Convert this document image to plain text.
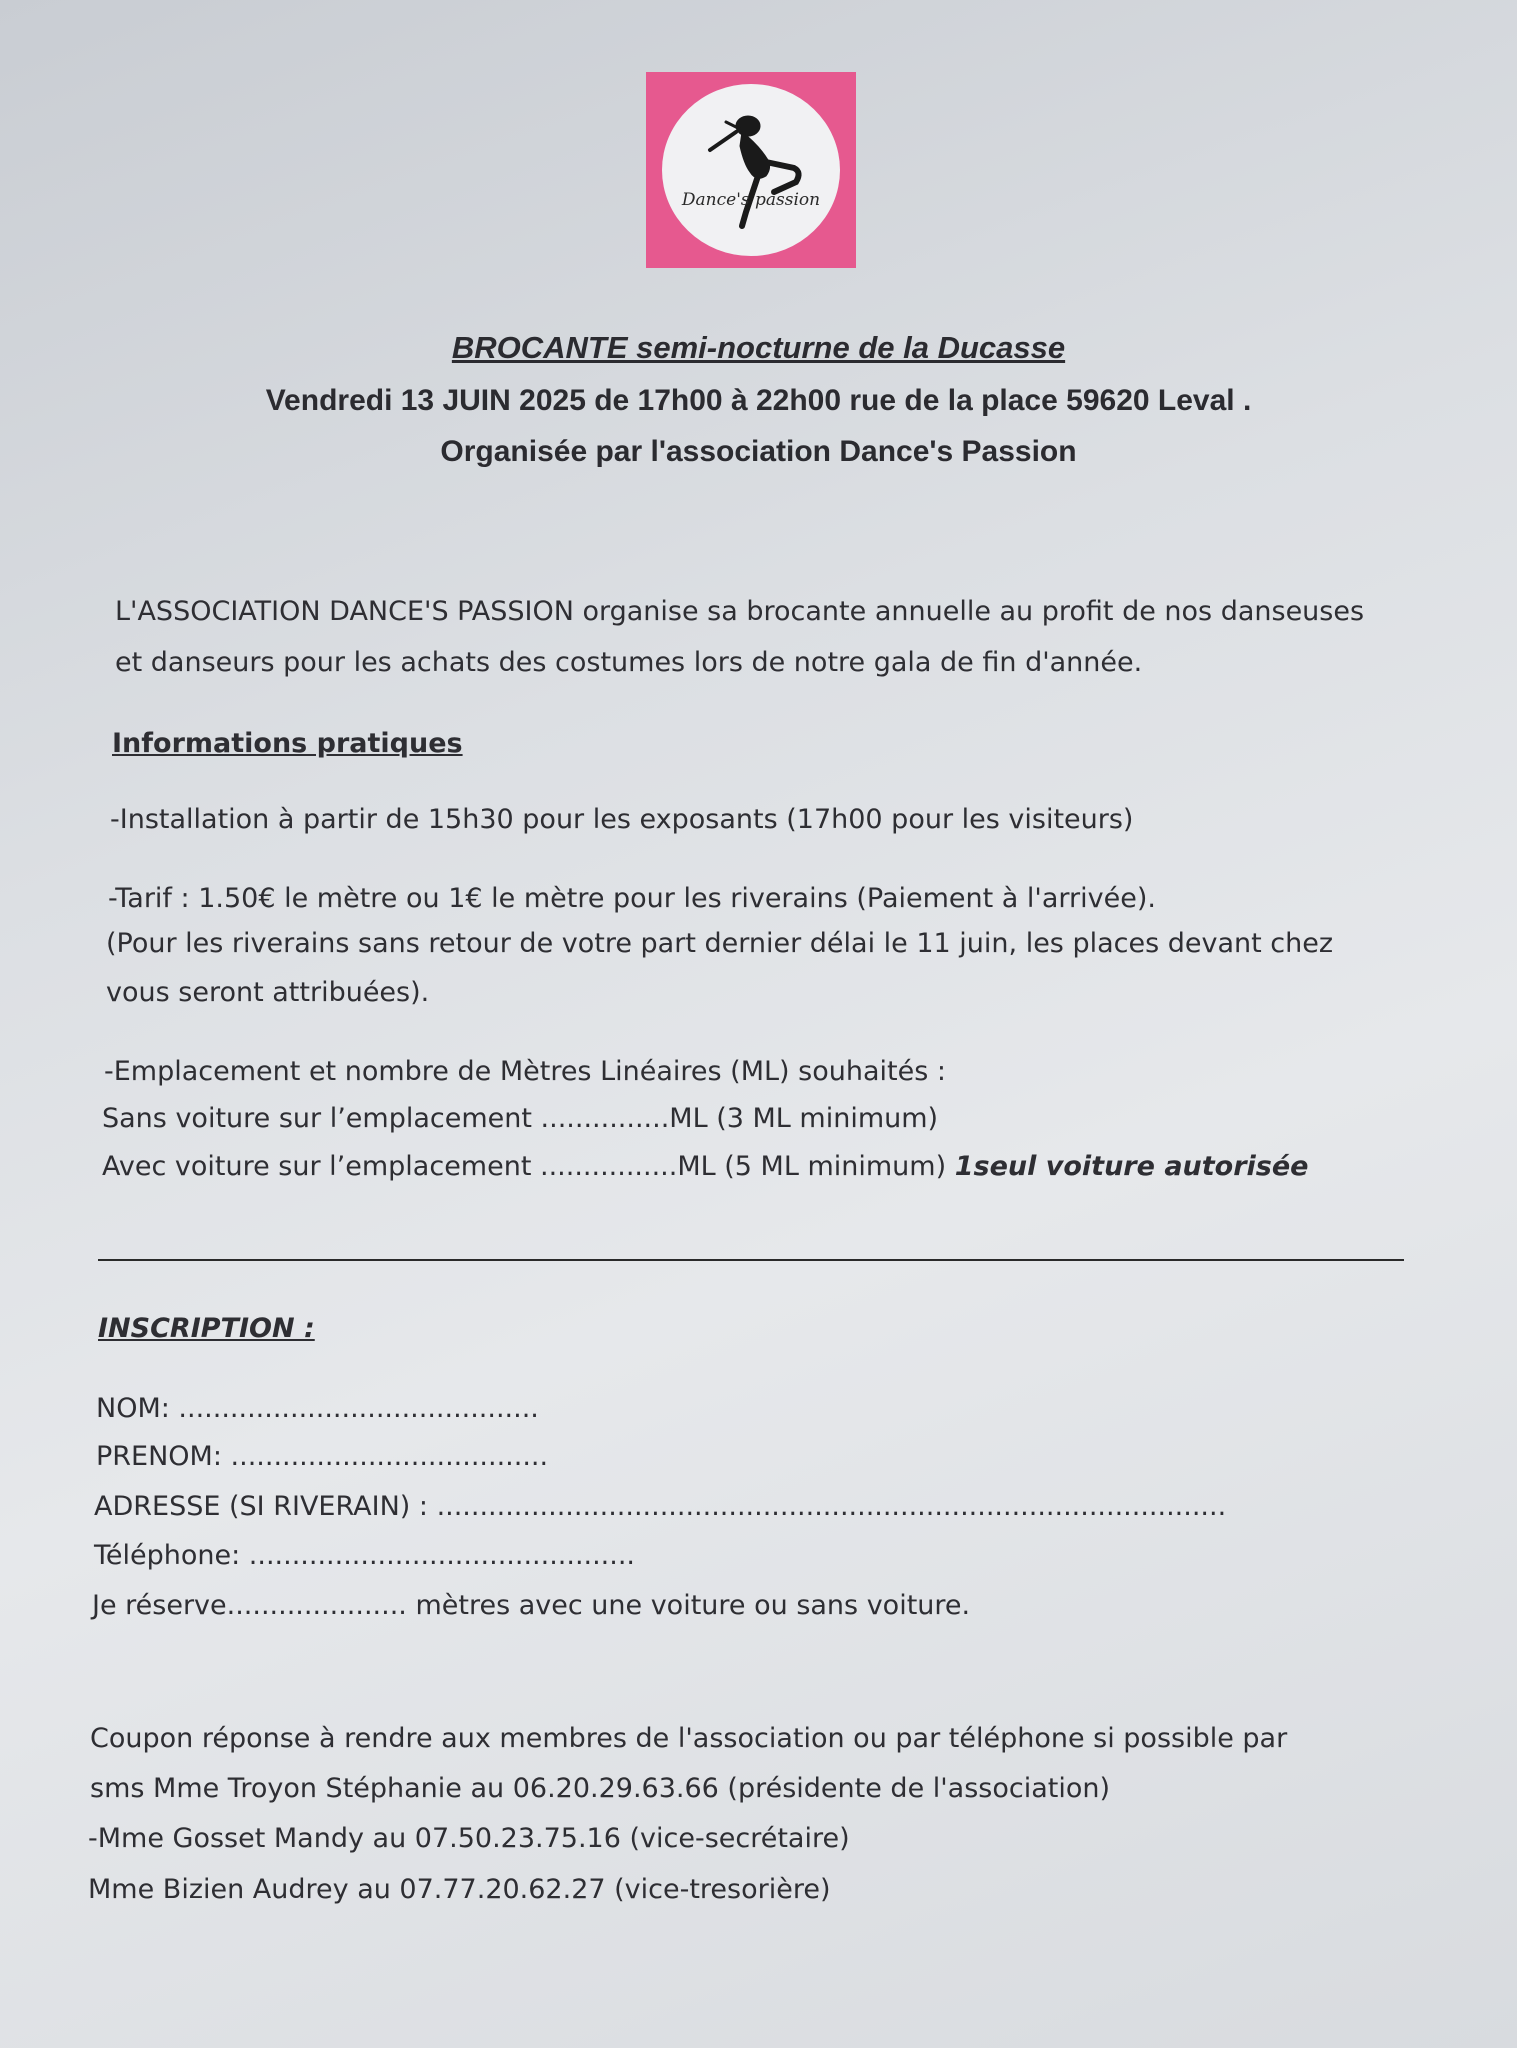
Dance's passion
BROCANTE semi-nocturne de la Ducasse
Vendredi 13 JUIN 2025 de 17h00 à 22h00 rue de la place 59620 Leval .
Organisée par l'association Dance's Passion
L'ASSOCIATION DANCE'S PASSION organise sa brocante annuelle au profit de nos danseuses
et danseurs pour les achats des costumes lors de notre gala de fin d'année.
Informations pratiques
-Installation à partir de 15h30 pour les exposants (17h00 pour les visiteurs)
-Tarif : 1.50€ le mètre ou 1€ le mètre pour les riverains (Paiement à l'arrivée).
(Pour les riverains sans retour de votre part dernier délai le 11 juin, les places devant chez
vous seront attribuées).
-Emplacement et nombre de Mètres Linéaires (ML) souhaités :
Sans voiture sur l’emplacement ...............ML (3 ML minimum)
Avec voiture sur l’emplacement ................ML (5 ML minimum) 1seul voiture autorisée
INSCRIPTION :
NOM: ..........................................
PRENOM: .....................................
ADRESSE (SI RIVERAIN) : ............................................................................................
Téléphone: .............................................
Je réserve..................... mètres avec une voiture ou sans voiture.
Coupon réponse à rendre aux membres de l'association ou par téléphone si possible par
sms Mme Troyon Stéphanie au 06.20.29.63.66 (présidente de l'association)
-Mme Gosset Mandy au 07.50.23.75.16 (vice-secrétaire)
Mme Bizien Audrey au 07.77.20.62.27 (vice-tresorière)
